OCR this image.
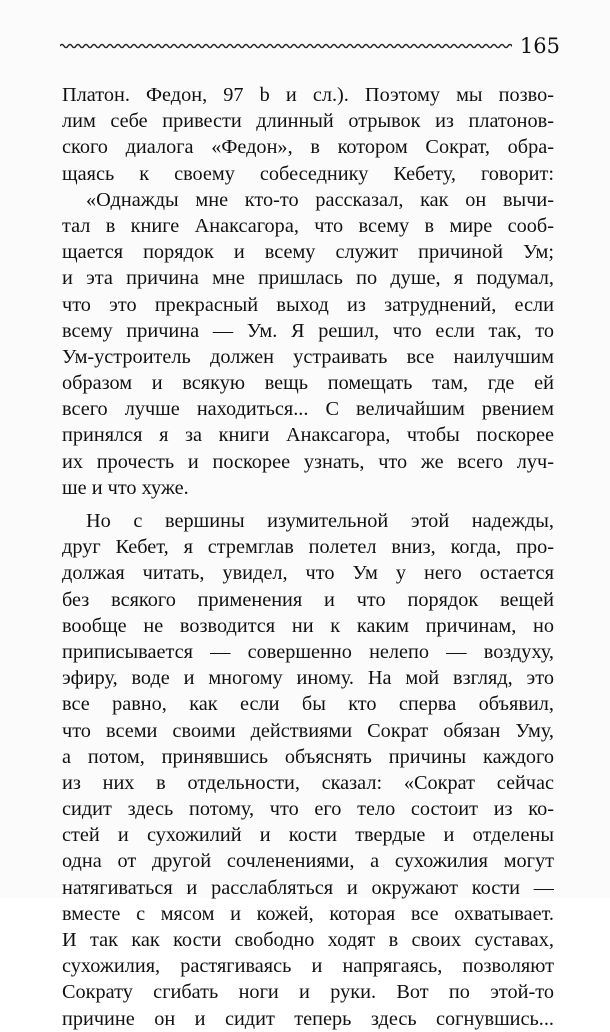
165
Платон. Федон, 97 b и сл.). Поэтому мы позво-
лим себе привести длинный отрывок из платонов-
ского диалога «Федон», в котором Сократ, обра-
щаясь к своему собеседнику Кебету, говорит:
«Однажды мне кто-то рассказал, как он вычи-
тал в книге Анаксагора, что всему в мире сооб-
щается порядок и всему служит причиной Ум;
и эта причина мне пришлась по душе, я подумал,
что это прекрасный выход из затруднений, если
всему причина — Ум. Я решил, что если так, то
Ум-устроитель должен устраивать все наилучшим
образом и всякую вещь помещать там, где ей
всего лучше находиться... С величайшим рвением
принялся я за книги Анаксагора, чтобы поскорее
их прочесть и поскорее узнать, что же всего луч-
ше и что хуже.
Но с вершины изумительной этой надежды,
друг Кебет, я стремглав полетел вниз, когда, про-
должая читать, увидел, что Ум у него остается
без всякого применения и что порядок вещей
вообще не возводится ни к каким причинам, но
приписывается — совершенно нелепо — воздуху,
эфиру, воде и многому иному. На мой взгляд, это
все равно, как если бы кто сперва объявил,
что всеми своими действиями Сократ обязан Уму,
а потом, принявшись объяснять причины каждого
из них в отдельности, сказал: «Сократ сейчас
сидит здесь потому, что его тело состоит из ко-
стей и сухожилий и кости твердые и отделены
одна от другой сочленениями, а сухожилия могут
натягиваться и расслабляться и окружают кости —
вместе с мясом и кожей, которая все охватывает.
И так как кости свободно ходят в своих суставах,
сухожилия, растягиваясь и напрягаясь, позволяют
Сократу сгибать ноги и руки. Вот по этой-то
причине он и сидит теперь здесь согнувшись...
